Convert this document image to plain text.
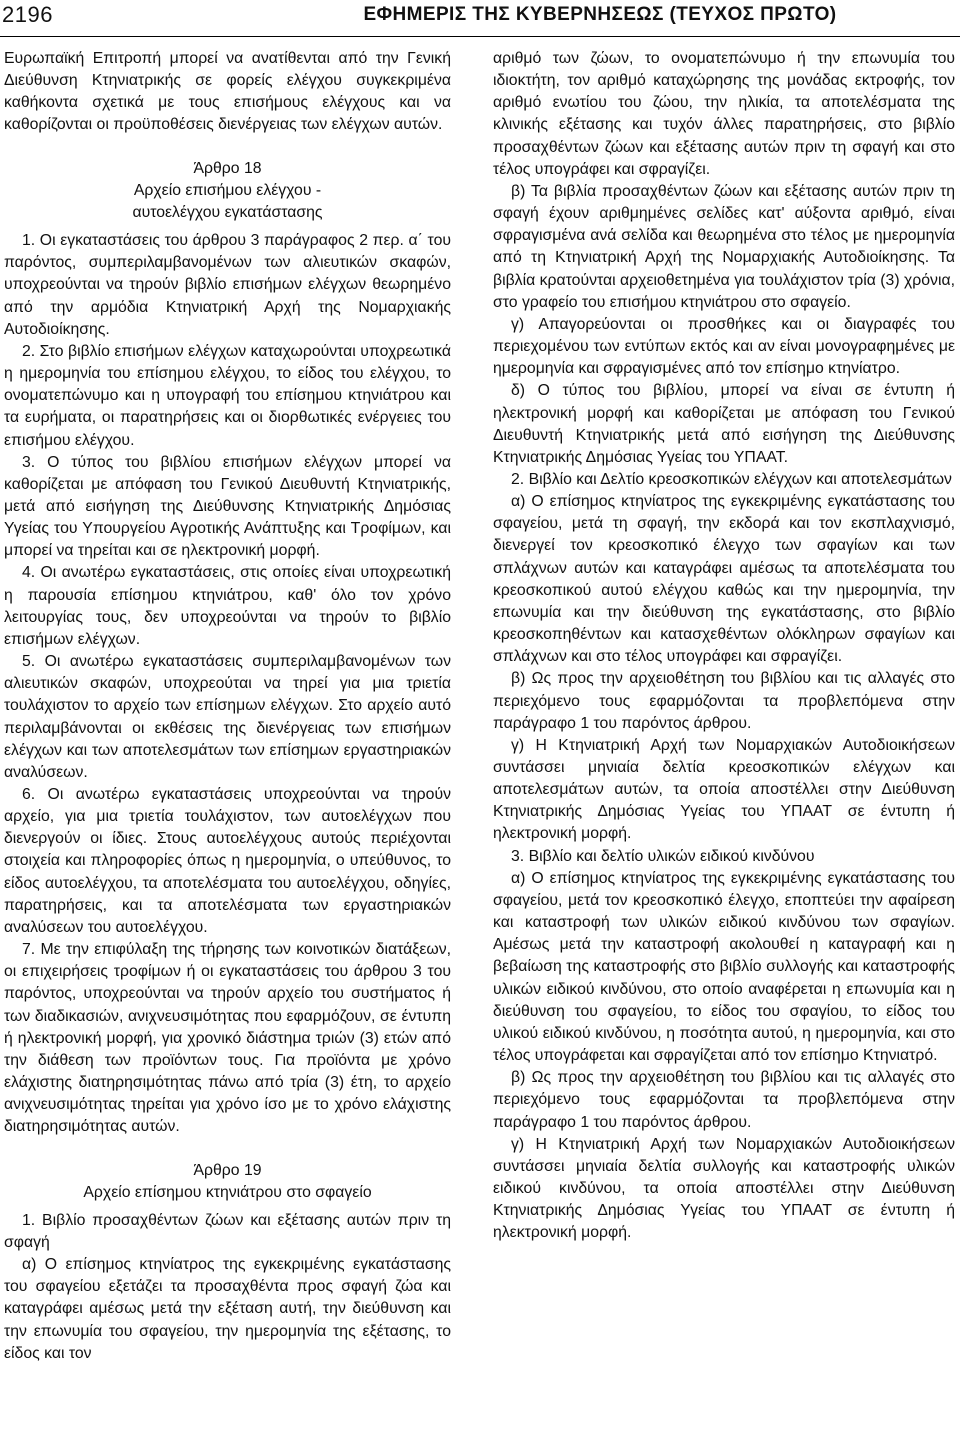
2196	ΕΦΗΜΕΡΙΣ ΤΗΣ ΚΥΒΕΡΝΗΣΕΩΣ (ΤΕΥΧΟΣ ΠΡΩΤΟ)

Ευρωπαϊκή Επιτροπή μπορεί να ανατίθενται από την Γενική Διεύθυνση Κτηνιατρικής σε φορείς ελέγχου συγκεκριμένα καθήκοντα σχετικά με τους επισήμους ελέγχους και να καθορίζονται οι προϋποθέσεις διενέργειας των ελέγχων αυτών.

Άρθρο 18

Αρχείο επισήμου ελέγχου -

αυτοελέγχου εγκατάστασης

1. Οι εγκαταστάσεις του άρθρου 3 παράγραφος 2 περ. α΄ του παρόντος, συμπεριλαμβανομένων των αλιευτικών σκαφών, υποχρεούνται να τηρούν βιβλίο επισήμων ελέγχων θεωρημένο από την αρμόδια Κτηνιατρική Αρχή της Νομαρχιακής Αυτοδιοίκησης.

2. Στο βιβλίο επισήμων ελέγχων καταχωρούνται υποχρεωτικά η ημερομηνία του επίσημου ελέγχου, το είδος του ελέγχου, το ονοματεπώνυμο και η υπογραφή του επίσημου κτηνιάτρου και τα ευρήματα, οι παρατηρήσεις και οι διορθωτικές ενέργειες του επισήμου ελέγχου.

3. Ο τύπος του βιβλίου επισήμων ελέγχων μπορεί να καθορίζεται με απόφαση του Γενικού Διευθυντή Κτηνιατρικής, μετά από εισήγηση της Διεύθυνσης Κτηνιατρικής Δημόσιας Υγείας του Υπουργείου Αγροτικής Ανάπτυξης και Τροφίμων, και μπορεί να τηρείται και σε ηλεκτρονική μορφή.

4. Οι ανωτέρω εγκαταστάσεις, στις οποίες είναι υποχρεωτική η παρουσία επίσημου κτηνιάτρου, καθ' όλο τον χρόνο λειτουργίας τους, δεν υποχρεούνται να τηρούν το βιβλίο επισήμων ελέγχων.

5. Οι ανωτέρω εγκαταστάσεις συμπεριλαμβανομένων των αλιευτικών σκαφών, υποχρεούται να τηρεί για μια τριετία τουλάχιστον το αρχείο των επίσημων ελέγχων. Στο αρχείο αυτό περιλαμβάνονται οι εκθέσεις της διενέργειας των επισήμων ελέγχων και των αποτελεσμάτων των επίσημων εργαστηριακών αναλύσεων.

6. Οι ανωτέρω εγκαταστάσεις υποχρεούνται να τηρούν αρχείο, για μια τριετία τουλάχιστον, των αυτοελέγχων που διενεργούν οι ίδιες. Στους αυτοελέγχους αυτούς περιέχονται στοιχεία και πληροφορίες όπως η ημερομηνία, ο υπεύθυνος, το είδος αυτοελέγχου, τα αποτελέσματα του αυτοελέγχου, οδηγίες, παρατηρήσεις, και τα αποτελέσματα των εργαστηριακών αναλύσεων του αυτοελέγχου.

7. Με την επιφύλαξη της τήρησης των κοινοτικών διατάξεων, οι επιχειρήσεις τροφίμων ή οι εγκαταστάσεις του άρθρου 3 του παρόντος, υποχρεούνται να τηρούν αρχείο του συστήματος ή των διαδικασιών, ανιχνευσιμότητας που εφαρμόζουν, σε έντυπη ή ηλεκτρονική μορφή, για χρονικό διάστημα τριών (3) ετών από την διάθεση των προϊόντων τους. Για προϊόντα με χρόνο ελάχιστης διατηρησιμότητας πάνω από τρία (3) έτη, το αρχείο ανιχνευσιμότητας τηρείται για χρόνο ίσο με το χρόνο ελάχιστης διατηρησιμότητας αυτών.

Άρθρο 19

Αρχείο επίσημου κτηνιάτρου στο σφαγείο

1. Βιβλίο προσαχθέντων ζώων και εξέτασης αυτών πριν τη σφαγή

α) Ο επίσημος κτηνίατρος της εγκεκριμένης εγκατάστασης του σφαγείου εξετάζει τα προσαχθέντα προς σφαγή ζώα και καταγράφει αμέσως μετά την εξέταση αυτή, την διεύθυνση και την επωνυμία του σφαγείου, την ημερομηνία της εξέτασης, το είδος και τον

αριθμό των ζώων, το ονοματεπώνυμο ή την επωνυμία του ιδιοκτήτη, τον αριθμό καταχώρησης της μονάδας εκτροφής, τον αριθμό ενωτίου του ζώου, την ηλικία, τα αποτελέσματα της κλινικής εξέτασης και τυχόν άλλες παρατηρήσεις, στο βιβλίο προσαχθέντων ζώων και εξέτασης αυτών πριν τη σφαγή και στο τέλος υπογράφει και σφραγίζει.

β) Τα βιβλία προσαχθέντων ζώων και εξέτασης αυτών πριν τη σφαγή έχουν αριθμημένες σελίδες κατ' αύξοντα αριθμό, είναι σφραγισμένα ανά σελίδα και θεωρημένα στο τέλος με ημερομηνία από τη Κτηνιατρική Αρχή της Νομαρχιακής Αυτοδιοίκησης. Τα βιβλία κρατούνται αρχειοθετημένα για τουλάχιστον τρία (3) χρόνια, στο γραφείο του επισήμου κτηνιάτρου στο σφαγείο.

γ) Απαγορεύονται οι προσθήκες και οι διαγραφές του περιεχομένου των εντύπων εκτός και αν είναι μονογραφημένες με ημερομηνία και σφραγισμένες από τον επίσημο κτηνίατρο.

δ) Ο τύπος του βιβλίου, μπορεί να είναι σε έντυπη ή ηλεκτρονική μορφή και καθορίζεται με απόφαση του Γενικού Διευθυντή Κτηνιατρικής μετά από εισήγηση της Διεύθυνσης Κτηνιατρικής Δημόσιας Υγείας του ΥΠΑΑΤ.

2. Βιβλίο και Δελτίο κρεοσκοπικών ελέγχων και αποτελεσμάτων

α) Ο επίσημος κτηνίατρος της εγκεκριμένης εγκατάστασης του σφαγείου, μετά τη σφαγή, την εκδορά και τον εκσπλαχνισμό, διενεργεί τον κρεοσκοπικό έλεγχο των σφαγίων και των σπλάχνων αυτών και καταγράφει αμέσως τα αποτελέσματα του κρεοσκοπικού αυτού ελέγχου καθώς και την ημερομηνία, την επωνυμία και την διεύθυνση της εγκατάστασης, στο βιβλίο κρεοσκοπηθέντων και κατασχεθέντων ολόκληρων σφαγίων και σπλάχνων και στο τέλος υπογράφει και σφραγίζει.

β) Ως προς την αρχειοθέτηση του βιβλίου και τις αλλαγές στο περιεχόμενο τους εφαρμόζονται τα προβλεπόμενα στην παράγραφο 1 του παρόντος άρθρου.

γ) Η Κτηνιατρική Αρχή των Νομαρχιακών Αυτοδιοικήσεων συντάσσει μηνιαία δελτία κρεοσκοπικών ελέγχων και αποτελεσμάτων αυτών, τα οποία αποστέλλει στην Διεύθυνση Κτηνιατρικής Δημόσιας Υγείας του ΥΠΑΑΤ σε έντυπη ή ηλεκτρονική μορφή.

3. Βιβλίο και δελτίο υλικών ειδικού κινδύνου

α) Ο επίσημος κτηνίατρος της εγκεκριμένης εγκατάστασης του σφαγείου, μετά τον κρεοσκοπικό έλεγχο, εποπτεύει την αφαίρεση και καταστροφή των υλικών ειδικού κινδύνου των σφαγίων. Αμέσως μετά την καταστροφή ακολουθεί η καταγραφή και η βεβαίωση της καταστροφής στο βιβλίο συλλογής και καταστροφής υλικών ειδικού κινδύνου, στο οποίο αναφέρεται η επωνυμία και η διεύθυνση του σφαγείου, το είδος του σφαγίου, το είδος του υλικού ειδικού κινδύνου, η ποσότητα αυτού, η ημερομηνία, και στο τέλος υπογράφεται και σφραγίζεται από τον επίσημο Κτηνιατρό.

β) Ως προς την αρχειοθέτηση του βιβλίου και τις αλλαγές στο περιεχόμενο τους εφαρμόζονται τα προβλεπόμενα στην παράγραφο 1 του παρόντος άρθρου.

γ) Η Κτηνιατρική Αρχή των Νομαρχιακών Αυτοδιοικήσεων συντάσσει μηνιαία δελτία συλλογής και καταστροφής υλικών ειδικού κινδύνου, τα οποία αποστέλλει στην Διεύθυνση Κτηνιατρικής Δημόσιας Υγείας του ΥΠΑΑΤ σε έντυπη ή ηλεκτρονική μορφή.
